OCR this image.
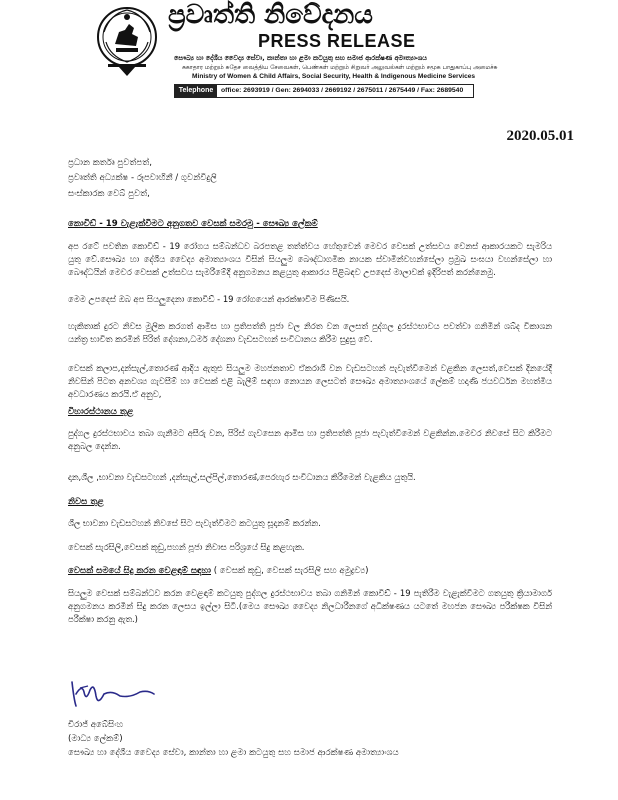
ප්‍රවෘත්ති නිවේදනය
PRESS RELEASE
සෞඛ්‍ය හා දේශීය වෛද්‍ය සේවා, කාන්තා හා ළමා කටයුතු සහ සමාජ ආරක්ෂණ අමාත්‍යාංශය
சுகாதார மற்றும் சுதேச வைத்திய சேவைகள், பெண்கள் மற்றும் சிறுவர் அலுவல்கள் மற்றும் சமூக பாதுகாப்பு அமைச்சு
Ministry of Women & Child Affairs, Social Security, Health & Indigenous Medicine Services
Telephone	office: 2693919 / Gen: 2694033 / 2669192 / 2675011 / 2675449 / Fax: 2689540
2020.05.01
ප්‍රධාන කර්තෘ පුවත්පත්,
ප්‍රවෘත්ති අධ්‍යක්ෂ - රූපවාහිනී / ගුවන්විදුලි
සංස්කාරක වෙබ් පුවත්,
කොවිඩ් - 19 වැළැක්වීමට අනුගතව වෙසක් සමරමු - සෞඛ්‍ය ලේකම්
අප රටේ පවතින කොවිඩ් - 19 රෝගය සම්බන්ධව බරපතළ තත්ත්වය හේතුවෙන් මෙවර වෙසක් උත්සවය වෙනස් ආකාරයකට සැමරිය යුතු වේ.සෞඛ්‍ය හා දේශීය වෛද්‍ය අමාත්‍යාංශය විසින් සියලුම බෞද්ධාගමික නායක ස්වාමීන්වහන්සේලා ප්‍රමුඛ සංඝයා වහන්සේලා හා බෞද්ධයින් මෙවර වෙසක් උත්සවය සැමරීමේදී අනුගමනය කළයුතු ආකාරය පිළිබඳව උපදෙස් මාලාවක් ඉදිරිපත් කරන්නෙමු.
මෙම උපදෙස් ඔබ අප සියලුදෙනා කොවිඩ් - 19 රෝගයෙන් ආරක්ෂාවීම පිණිසයි.
හැකිතාක් දුරට නිවස මුලික කරගත් ආමිස හා ප්‍රතිපත්ති පූජා වල නිරත වන ලෙසත් පුද්ගල දුරස්ථභාවය පවත්වා ගනිමින් ශබ්ද විකාශන යන්ත්‍ර භාවිත කරමින් පිරිත් දේශනා,ධර්ම දේශනා වැඩසටහන් සංවිධානය කිරීම සුදුසු වේ.
වෙසක් කලාප,දන්සැල්,තොරණ් ආදිය ඇතුළු සියලුම මහජනතාව ඒකරාශී වන වැඩසටහන් පැවැත්වීමෙන් වළකින ලෙසත්,වෙසක් දිනයේදී නිවසින් පිටත අනවශ්‍ය ගැවසීම් හා වෙසක් එළි බැලීම් සඳහා නොයන ලෙසටත් සෞඛ්‍ය අමාත්‍යාංශයේ ලේකම් හදාණි ජයවර්ධන මහත්මිය අවධාරණය කරයි.ඒ අනුව,
විහාරස්ථානය තුළ
පුද්ගල දුරස්ථභාවය තබා ගැනීමට අසීරු වන, පිරිස් ගැවසෙන ආමිස හා ප්‍රතිපත්ති පූජා පැවැත්වීමෙන් වළකින්න.මෙවර නිවසේ සිට කිරීමට අනුබල දෙන්න.
දාන,ශීල ,භාවනා වැඩසටහන් ,දන්සැල්,සල්පිල්,තොරණ්,පෙරහැර සංවිධානය කිරීමෙන් වැළකිය යුතුයි.
නිවස තුළ
ශීල භාවනා වැඩසටහන් නිවසේ සිට පැවැත්වීමට කටයුතු සූදානම් කරන්න.
වෙසක් සැරසිලි,වෙසක් කූඩු,පහන් පූජා නිවාස පරිශ්‍රයේ සිදු කළහැක.
වෙසක් සමයේ සිදු කරන වෙළඳාම් සඳහා ( වෙසක් කූඩු, වෙසක් සැරසිලි සහ අමුද්‍රව්‍ය)
සියලුම වෙසක් සම්බන්ධව කරන වෙළඳාම් කටයුතු පුද්ගල දුරස්ථභාවය තබා ගනිමින් කොවිඩ් - 19 පැතිරීම වැළැක්වීමට ගතයුතු ක්‍රියාමාර්ග අනුගමනය කරමින් සිදු කරන ලෙසය ඉල්ලා සිටී.(මෙය සෞඛ්‍ය වෛද්‍ය නිලධාරීනගේ අධීක්ෂණය යටතේ මහජන සෞඛ්‍ය පරීක්ෂක විසින් පරීක්ෂා කරනු ඇත.)
චිරාජ් අබේසිංහ
(මාධ්‍ය ලේකම්)
සෞඛ්‍ය හා දේශීය වෛද්‍ය සේවා, කාන්තා හා ළමා කටයුතු සහ සමාජ ආරක්ෂණ අමාත්‍යාංශය
